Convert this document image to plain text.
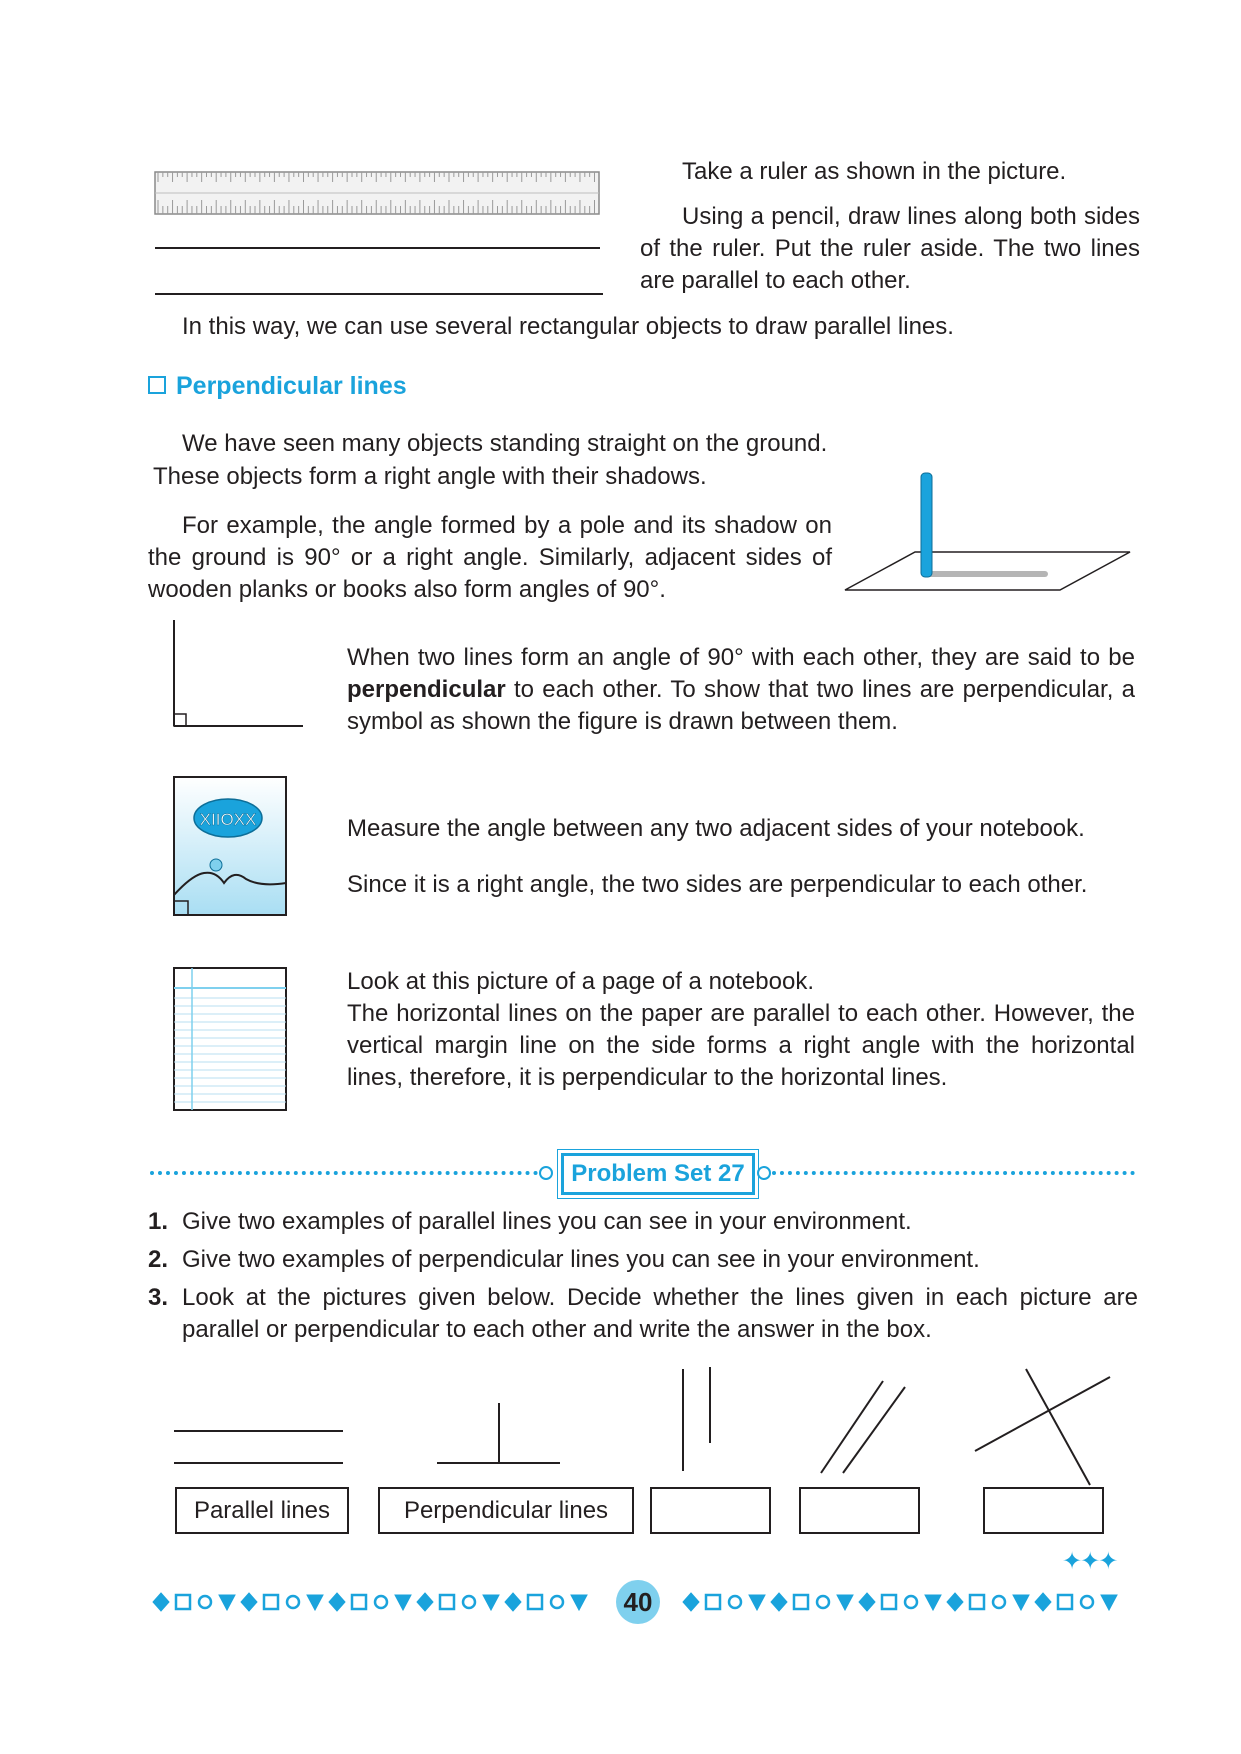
Take a ruler as shown in the picture.
Using a pencil, draw lines along both sides of the ruler. Put the ruler aside. The two lines are parallel to each other.
In this way, we can use several rectangular objects to draw parallel lines.
Perpendicular lines
We have seen many objects standing straight on the ground.
These objects form a right angle with their shadows.
For example, the angle formed by a pole and its shadow on the ground is 90° or a right angle. Similarly, adjacent sides of wooden planks or books also form angles of 90°.
When two lines form an angle of 90° with each other, they are said to be perpendicular to each other. To show that two lines are perpendicular, a symbol as shown the figure is drawn between them.
XIIOXX	Measure the angle between any two adjacent sides of your notebook.
Since it is a right angle, the two sides are perpendicular to each other.
Look at this picture of a page of a notebook.
The horizontal lines on the paper are parallel to each other. However, the vertical margin line on the side forms a right angle with the horizontal lines, therefore, it is perpendicular to the horizontal lines.
Problem Set 27
1. Give two examples of parallel lines you can see in your environment.
2. Give two examples of perpendicular lines you can see in your environment.
3. Look at the pictures given below. Decide whether the lines given in each picture are parallel or perpendicular to each other and write the answer in the box.
Parallel lines	Perpendicular lines
✦✦✦
40
